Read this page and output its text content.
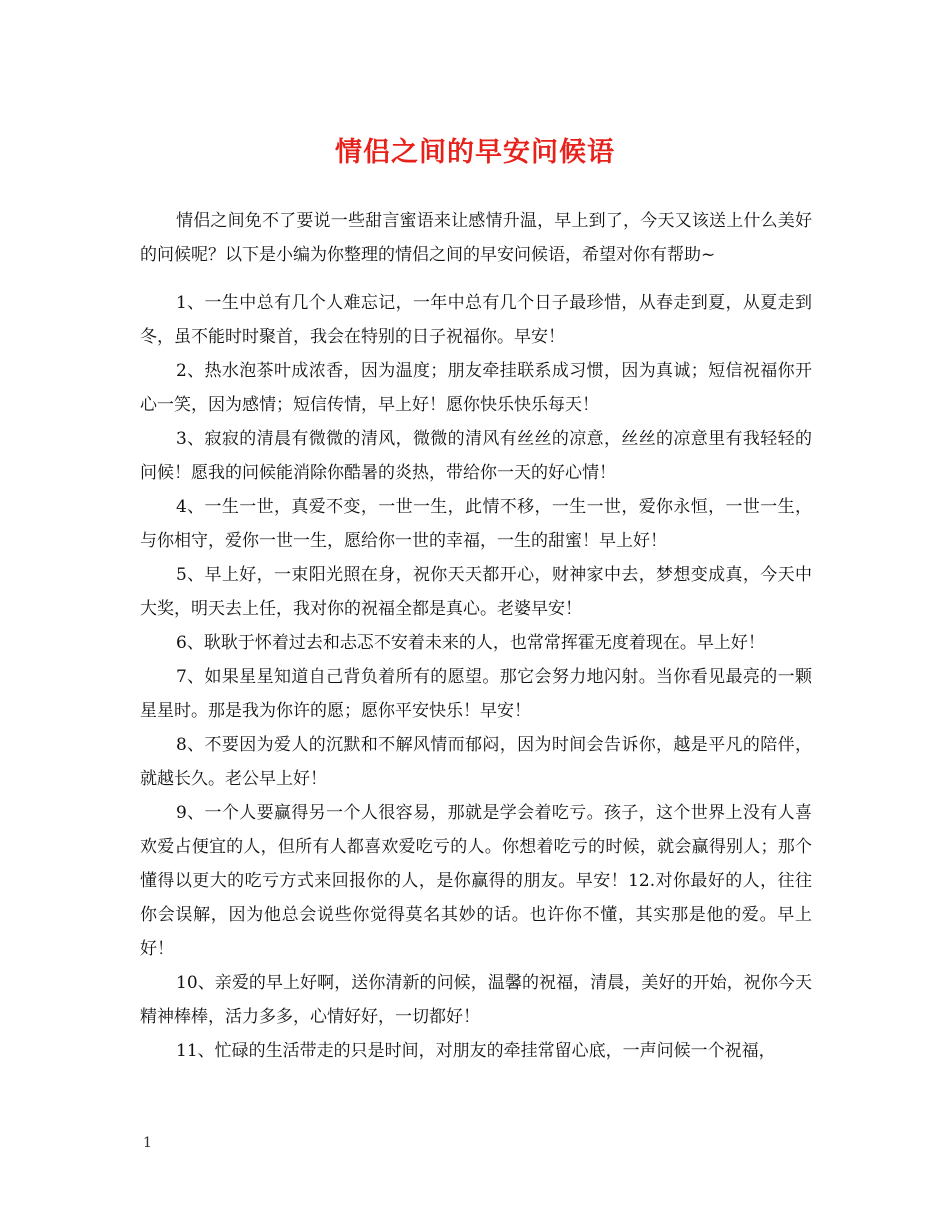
情侣之间的早安问候语

情侣之间免不了要说一些甜言蜜语来让感情升温，早上到了，今天又该送上什么美好的问候呢？以下是小编为你整理的情侣之间的早安问候语，希望对你有帮助~

1、一生中总有几个人难忘记，一年中总有几个日子最珍惜，从春走到夏，从夏走到冬，虽不能时时聚首，我会在特别的日子祝福你。早安！

2、热水泡茶叶成浓香，因为温度；朋友牵挂联系成习惯，因为真诚；短信祝福你开心一笑，因为感情；短信传情，早上好！愿你快乐快乐每天！

3、寂寂的清晨有微微的清风，微微的清风有丝丝的凉意，丝丝的凉意里有我轻轻的问候！愿我的问候能消除你酷暑的炎热，带给你一天的好心情！

4、一生一世，真爱不变，一世一生，此情不移，一生一世，爱你永恒，一世一生，与你相守，爱你一世一生，愿给你一世的幸福，一生的甜蜜！早上好！

5、早上好，一束阳光照在身，祝你天天都开心，财神家中去，梦想变成真，今天中大奖，明天去上任，我对你的祝福全都是真心。老婆早安！

6、耿耿于怀着过去和忐忑不安着未来的人，也常常挥霍无度着现在。早上好！

7、如果星星知道自己背负着所有的愿望。那它会努力地闪射。当你看见最亮的一颗星星时。那是我为你许的愿；愿你平安快乐！早安！

8、不要因为爱人的沉默和不解风情而郁闷，因为时间会告诉你，越是平凡的陪伴，就越长久。老公早上好！

9、一个人要赢得另一个人很容易，那就是学会着吃亏。孩子，这个世界上没有人喜欢爱占便宜的人，但所有人都喜欢爱吃亏的人。你想着吃亏的时候，就会赢得别人；那个懂得以更大的吃亏方式来回报你的人，是你赢得的朋友。早安！12.对你最好的人，往往你会误解，因为他总会说些你觉得莫名其妙的话。也许你不懂，其实那是他的爱。早上好！

10、亲爱的早上好啊，送你清新的问候，温馨的祝福，清晨，美好的开始，祝你今天精神棒棒，活力多多，心情好好，一切都好！

11、忙碌的生活带走的只是时间，对朋友的牵挂常留心底，一声问候一个祝福，

1
